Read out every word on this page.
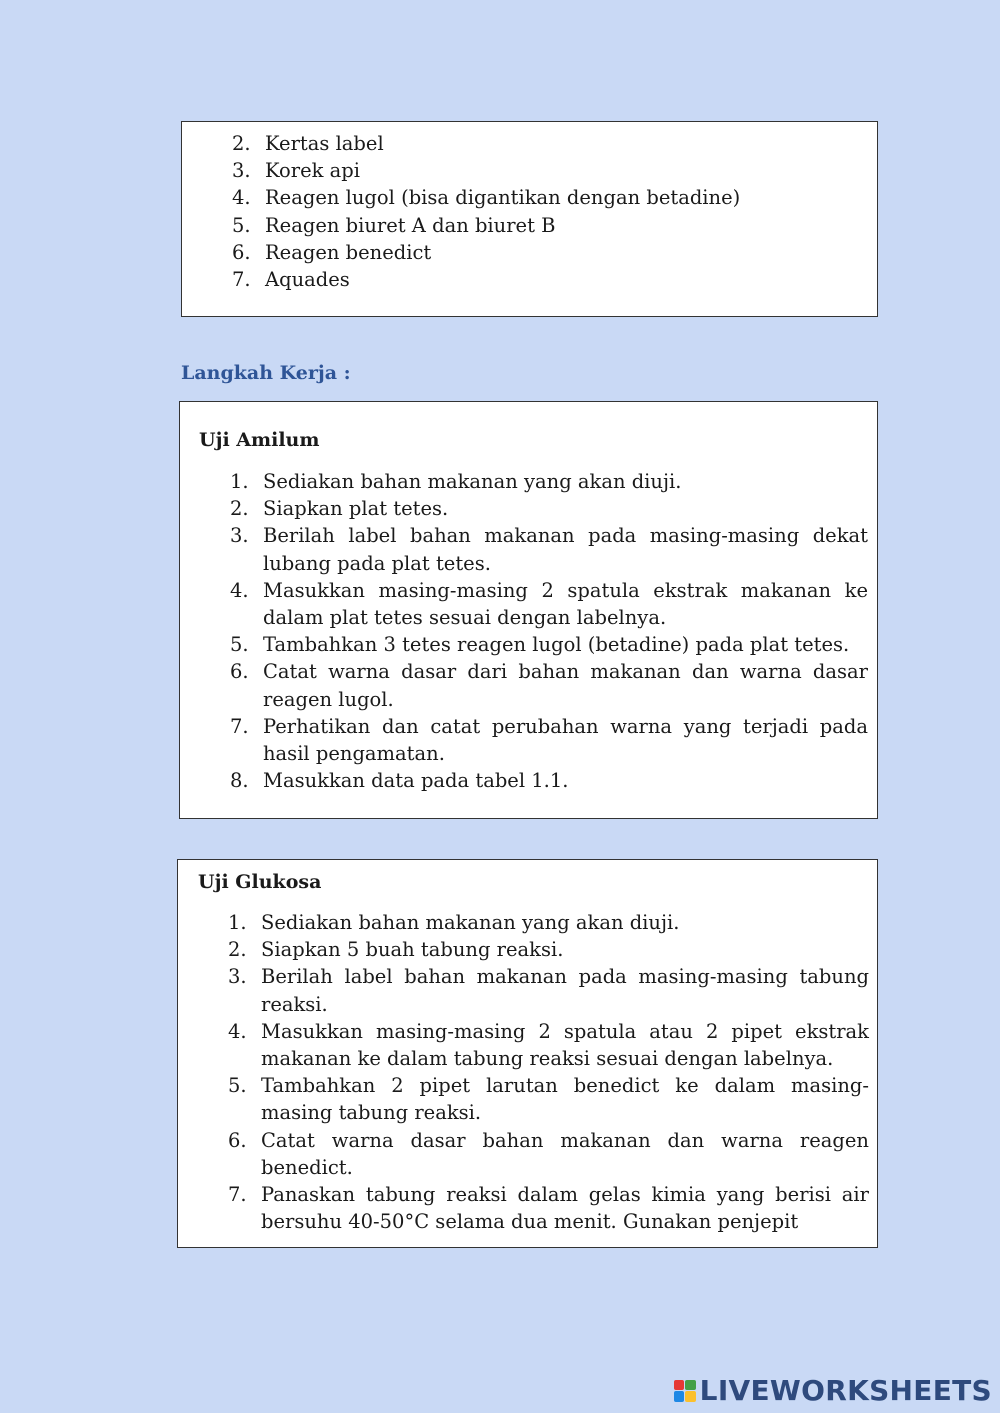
2. Kertas label
3. Korek api
4. Reagen lugol (bisa digantikan dengan betadine)
5. Reagen biuret A dan biuret B
6. Reagen benedict
7. Aquades
Langkah Kerja :
Uji Amilum
1. Sediakan bahan makanan yang akan diuji.
2. Siapkan plat tetes.
3. Berilah label bahan makanan pada masing-masing dekat lubang pada plat tetes.
4. Masukkan masing-masing 2 spatula ekstrak makanan ke dalam plat tetes sesuai dengan labelnya.
5. Tambahkan 3 tetes reagen lugol (betadine) pada plat tetes.
6. Catat warna dasar dari bahan makanan dan warna dasar reagen lugol.
7. Perhatikan dan catat perubahan warna yang terjadi pada hasil pengamatan.
8. Masukkan data pada tabel 1.1.
Uji Glukosa
1. Sediakan bahan makanan yang akan diuji.
2. Siapkan 5 buah tabung reaksi.
3. Berilah label bahan makanan pada masing-masing tabung reaksi.
4. Masukkan masing-masing 2 spatula atau 2 pipet ekstrak makanan ke dalam tabung reaksi sesuai dengan labelnya.
5. Tambahkan 2 pipet larutan benedict ke dalam masing-masing tabung reaksi.
6. Catat warna dasar bahan makanan dan warna reagen benedict.
7. Panaskan tabung reaksi dalam gelas kimia yang berisi air bersuhu 40-50°C selama dua menit. Gunakan penjepit
LIVEWORKSHEETS
